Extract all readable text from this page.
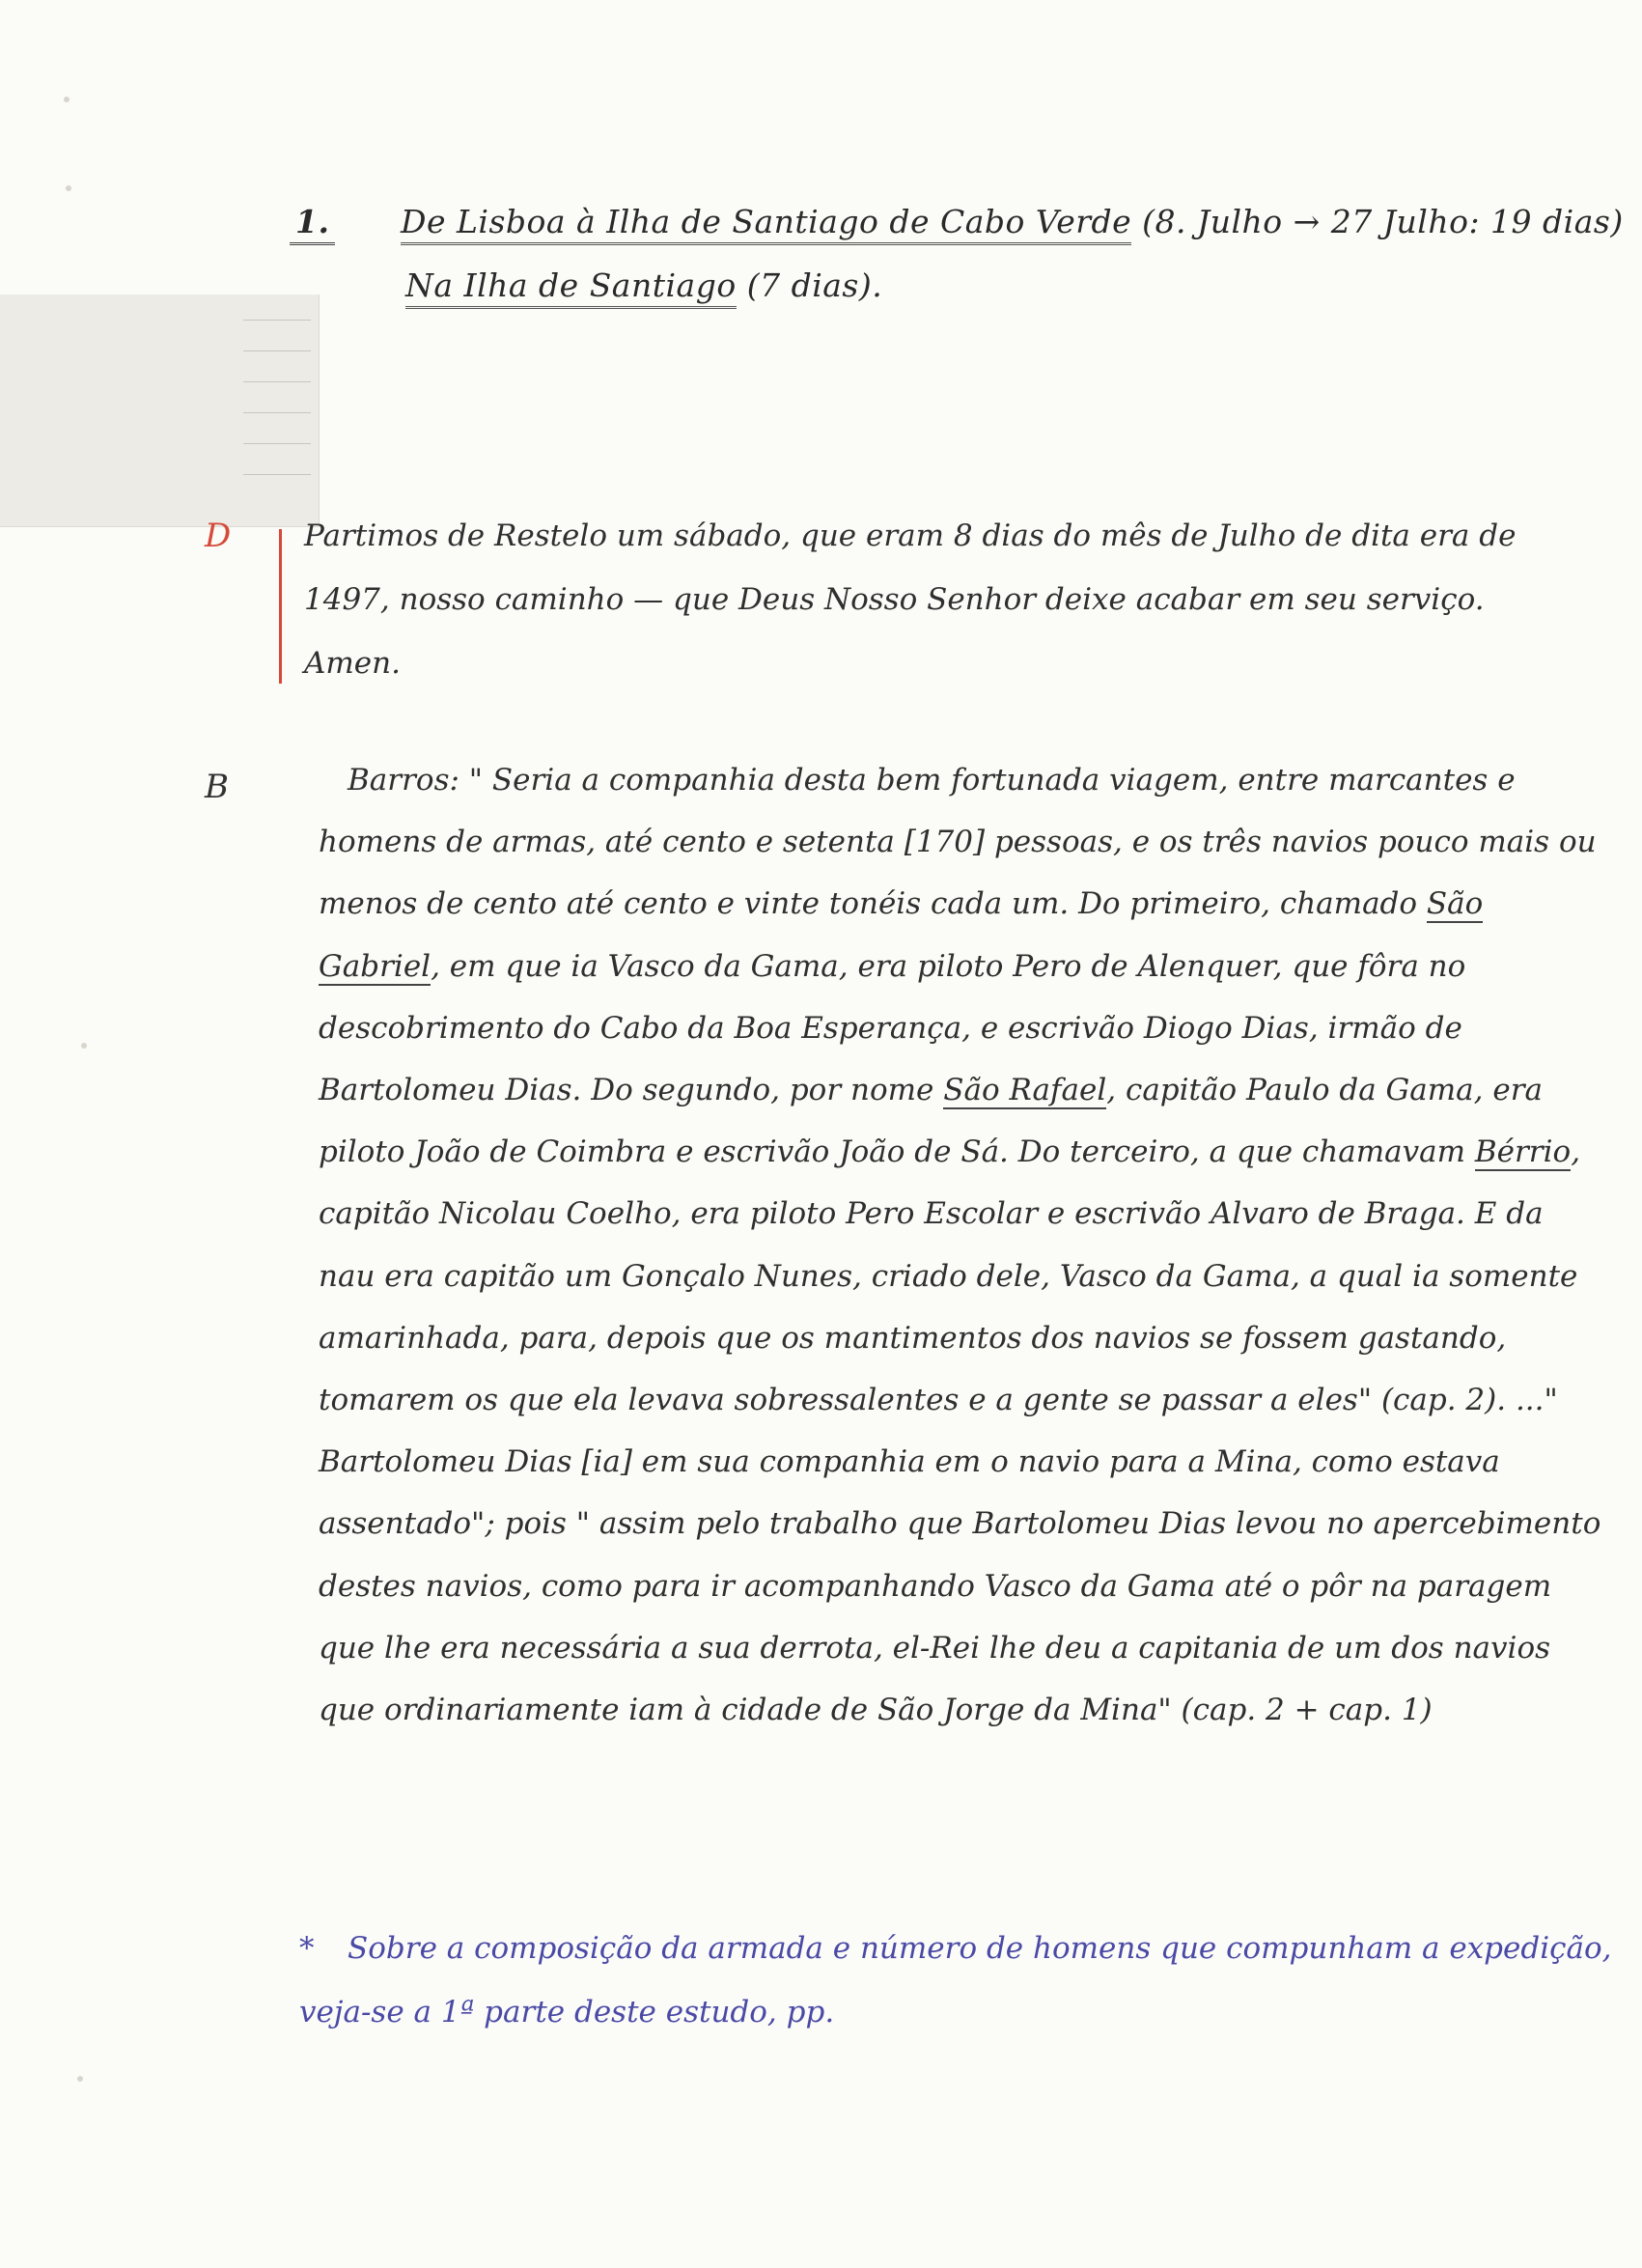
1. De Lisboa à Ilha de Santiago de Cabo Verde (8. Julho → 27 Julho: 19 dias)
Na Ilha de Santiago (7 dias).
D Partimos de Restelo um sábado, que eram 8 dias do mês de Julho de dita era de 1497, nosso caminho — que Deus Nosso Senhor deixe acabar em seu serviço. Amen.
B	Barros: " Seria a companhia desta bem fortunada viagem, entre marcantes e homens de armas, até cento e setenta [170] pessoas, e os três navios pouco mais ou menos de cento até cento e vinte tonéis cada um. Do primeiro, chamado São Gabriel, em que ia Vasco da Gama, era piloto Pero de Alenquer, que fôra no descobrimento do Cabo da Boa Esperança, e escrivão Diogo Dias, irmão de Bartolomeu Dias. Do segundo, por nome São Rafael, capitão Paulo da Gama, era piloto João de Coimbra e escrivão João de Sá. Do terceiro, a que chamavam Bérrio, capitão Nicolau Coelho, era piloto Pero Escolar e escrivão Alvaro de Braga. E da nau era capitão um Gonçalo Nunes, criado dele, Vasco da Gama, a qual ia somente amarinhada, para, depois que os mantimentos dos navios se fossem gastando, tomarem os que ela levava sobressalentes e a gente se passar a eles" (cap. 2). ..." Bartolomeu Dias [ia] em sua companhia em o navio para a Mina, como estava assentado"; pois " assim pelo trabalho que Bartolomeu Dias levou no apercebimento destes navios, como para ir acompanhando Vasco da Gama até o pôr na paragem que lhe era necessária a sua derrota, el-Rei lhe deu a capitania de um dos navios que ordinariamente iam à cidade de São Jorge da Mina" (cap. 2 + cap. 1)
* Sobre a composição da armada e número de homens que compunham a expedição, veja-se a 1ª parte deste estudo, pp.
